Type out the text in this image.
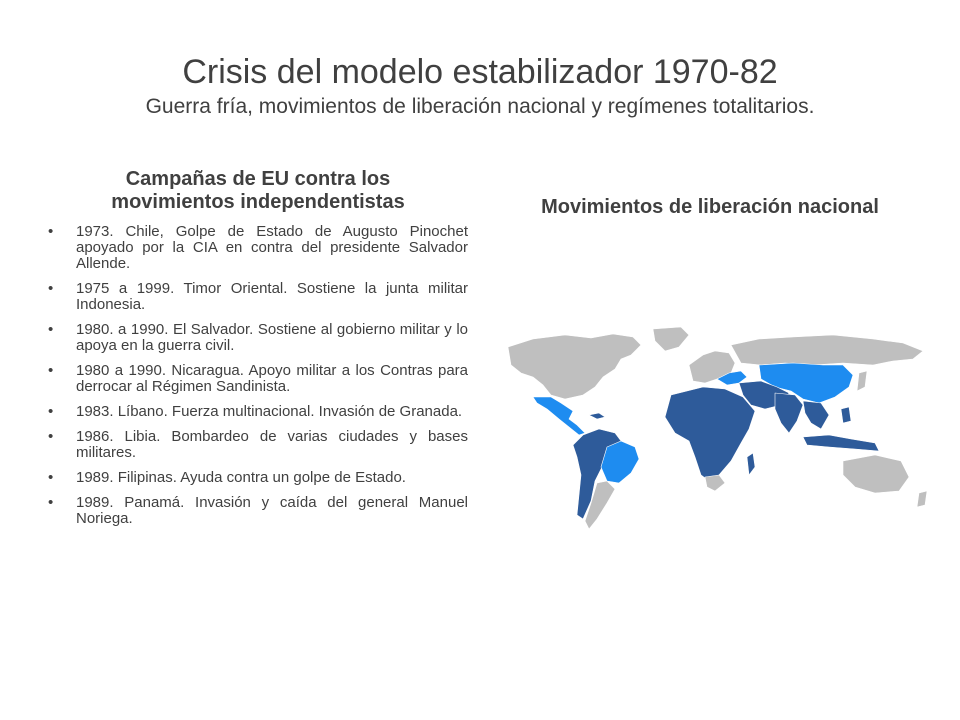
Crisis del modelo estabilizador 1970-82
Guerra fría, movimientos de liberación nacional y regímenes totalitarios.
Campañas de EU contra los
movimientos independentistas
• 1973. Chile, Golpe de Estado de Augusto Pinochet apoyado por la CIA en contra del presidente Salvador Allende.
• 1975 a 1999. Timor Oriental. Sostiene la junta militar Indonesia.
• 1980. a 1990. El Salvador. Sostiene al gobierno militar y lo apoya en la guerra civil.
• 1980 a 1990. Nicaragua. Apoyo militar a los Contras para derrocar al Régimen Sandinista.
• 1983. Líbano. Fuerza multinacional. Invasión de Granada.
• 1986. Libia. Bombardeo de varias ciudades y bases militares.
• 1989. Filipinas. Ayuda contra un golpe de Estado.
• 1989. Panamá. Invasión y caída del general Manuel Noriega.
Movimientos de liberación nacional
